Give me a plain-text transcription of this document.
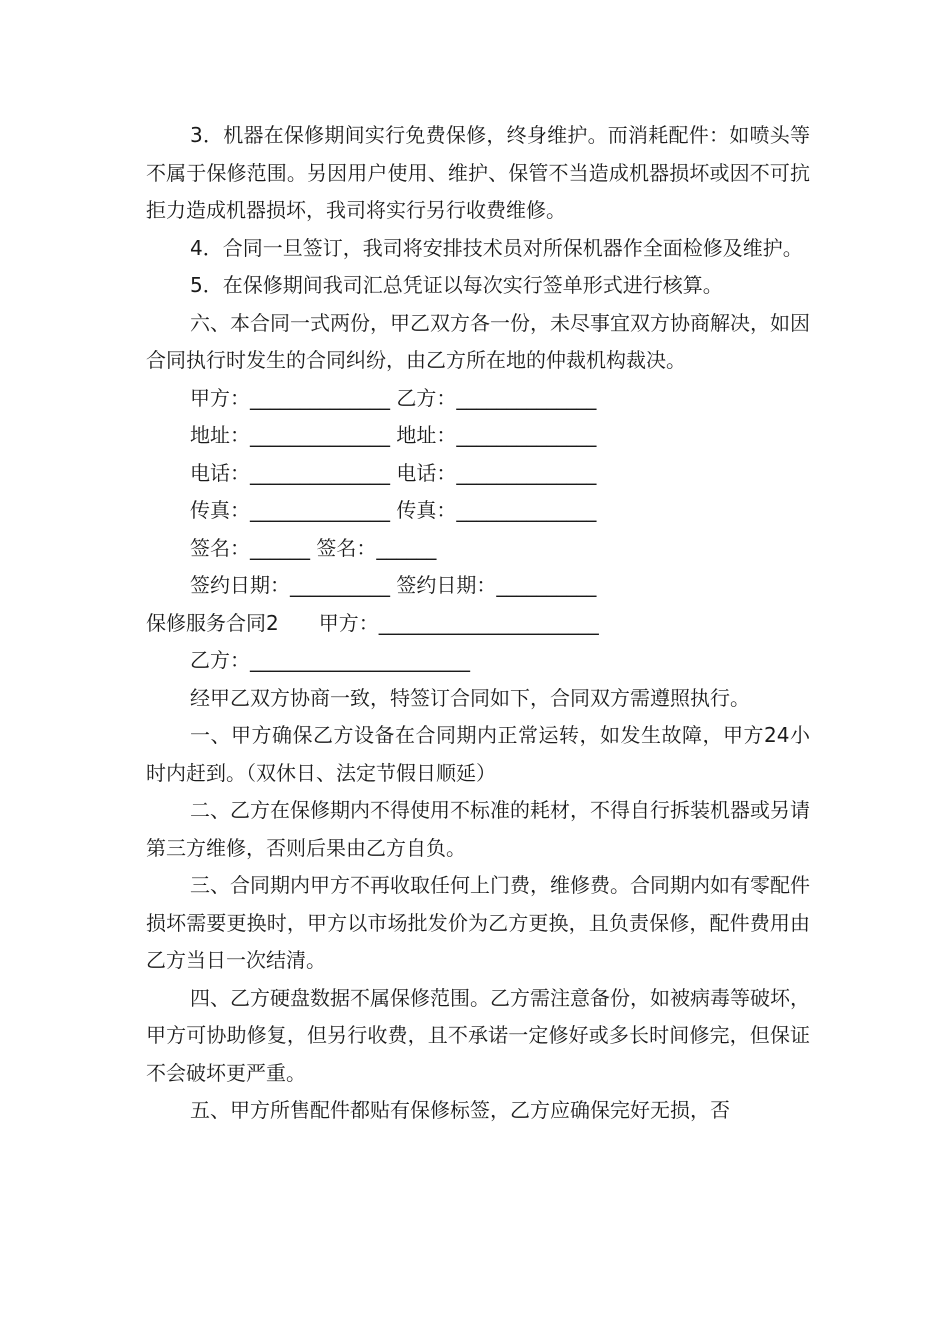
3．机器在保修期间实行免费保修，终身维护。而消耗配件：如喷头等不属于保修范围。另因用户使用、维护、保管不当造成机器损坏或因不可抗拒力造成机器损坏，我司将实行另行收费维修。

4．合同一旦签订，我司将安排技术员对所保机器作全面检修及维护。

5．在保修期间我司汇总凭证以每次实行签单形式进行核算。

六、本合同一式两份，甲乙双方各一份，未尽事宜双方协商解决，如因合同执行时发生的合同纠纷，由乙方所在地的仲裁机构裁决。

甲方：______________ 乙方：______________

地址：______________ 地址：______________

电话：______________ 电话：______________

传真：______________ 传真：______________

签名：______ 签名：______

签约日期：__________ 签约日期：__________

保修服务合同2　　甲方：______________________

乙方：______________________

经甲乙双方协商一致，特签订合同如下，合同双方需遵照执行。

一、甲方确保乙方设备在合同期内正常运转，如发生故障，甲方24小时内赶到。（双休日、法定节假日顺延）

二、乙方在保修期内不得使用不标准的耗材，不得自行拆装机器或另请第三方维修，否则后果由乙方自负。

三、合同期内甲方不再收取任何上门费，维修费。合同期内如有零配件损坏需要更换时，甲方以市场批发价为乙方更换，且负责保修，配件费用由乙方当日一次结清。

四、乙方硬盘数据不属保修范围。乙方需注意备份，如被病毒等破坏，甲方可协助修复，但另行收费，且不承诺一定修好或多长时间修完，但保证不会破坏更严重。

五、甲方所售配件都贴有保修标签，乙方应确保完好无损，否
